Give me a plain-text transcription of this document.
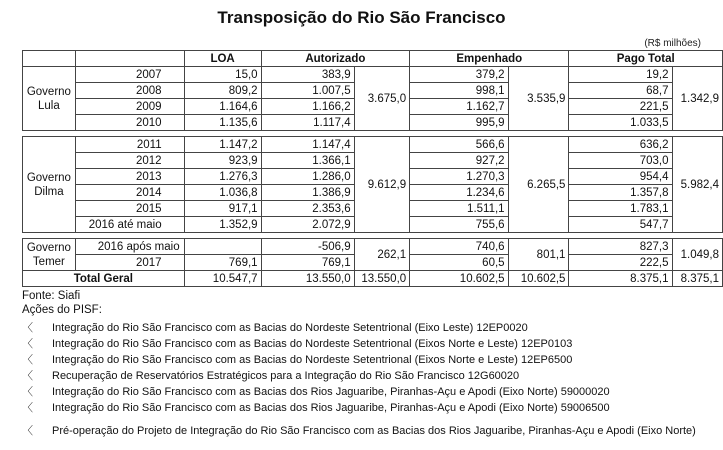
Transposição do Rio São Francisco
(R$ milhões)
		LOA	Autorizado		Empenhado		Pago Total	
Governo
Lula	2007	15,0	383,9	3.675,0	379,2	3.535,9	19,2	1.342,9
	2008	809,2	1.007,5		998,1		68,7	
	2009	1.164,6	1.166,2		1.162,7		221,5	
	2010	1.135,6	1.117,4		995,9		1.033,5	

Governo
Dilma	2011	1.147,2	1.147,4	9.612,9	566,6	6.265,5	636,2	5.982,4
	2012	923,9	1.366,1		927,2		703,0	
	2013	1.276,3	1.286,0		1.270,3		954,4	
	2014	1.036,8	1.386,9		1.234,6		1.357,8	
	2015	917,1	2.353,6		1.511,1		1.783,1	
	2016 até maio	1.352,9	2.072,9		755,6		547,7	

Governo
Temer	2016 após maio		-506,9	262,1	740,6	801,1	827,3	1.049,8
	2017	769,1	769,1		60,5		222,5	
Total Geral		10.547,7	13.550,0	13.550,0	10.602,5	10.602,5	8.375,1	8.375,1
Fonte: Siafi
Ações do PISF:
〈 Integração do Rio São Francisco com as Bacias do Nordeste Setentrional (Eixo Leste) 12EP0020
〈 Integração do Rio São Francisco com as Bacias do Nordeste Setentrional (Eixos Norte e Leste) 12EP0103
〈 Integração do Rio São Francisco com as Bacias do Nordeste Setentrional (Eixos Norte e Leste) 12EP6500
〈 Recuperação de Reservatórios Estratégicos para a Integração do Rio São Francisco 12G60020
〈 Integração do Rio São Francisco com as Bacias dos Rios Jaguaribe, Piranhas-Açu e Apodi (Eixo Norte) 59000020
〈 Integração do Rio São Francisco com as Bacias dos Rios Jaguaribe, Piranhas-Açu e Apodi (Eixo Norte) 59006500
〈 Pré-operação do Projeto de Integração do Rio São Francisco com as Bacias dos Rios Jaguaribe, Piranhas-Açu e Apodi (Eixo Norte)
